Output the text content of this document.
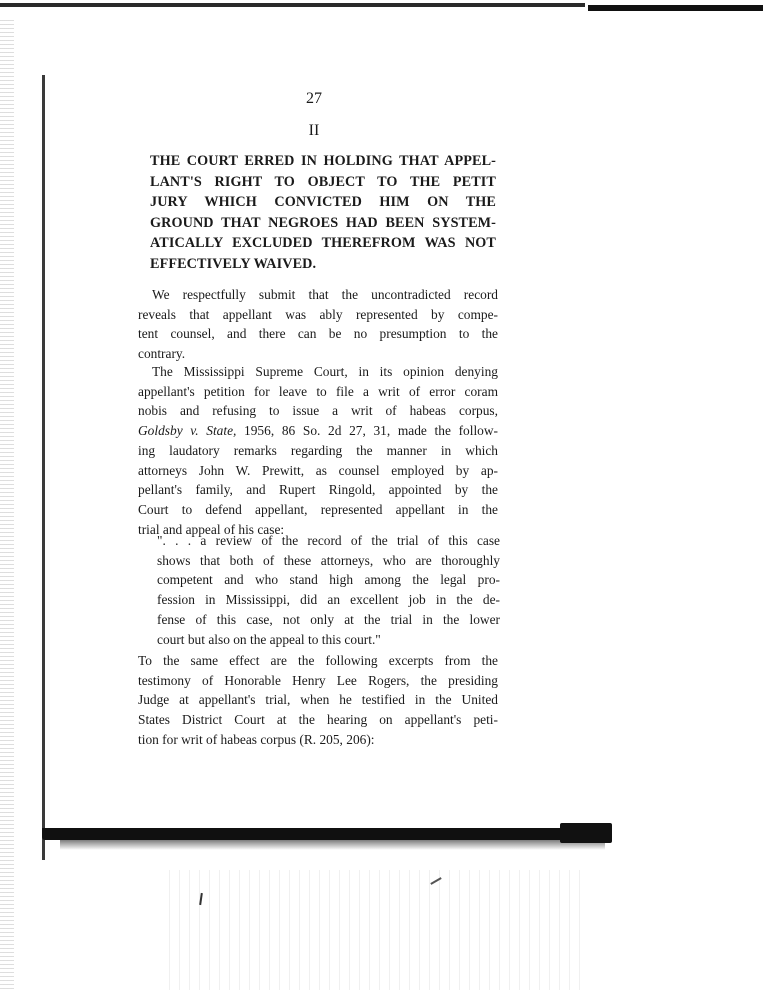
27
II
THE COURT ERRED IN HOLDING THAT APPEL-
LANT'S RIGHT TO OBJECT TO THE PETIT
JURY WHICH CONVICTED HIM ON THE
GROUND THAT NEGROES HAD BEEN SYSTEM-
ATICALLY EXCLUDED THEREFROM WAS NOT
EFFECTIVELY WAIVED.

We respectfully submit that the uncontradicted record
reveals that appellant was ably represented by compe-
tent counsel, and there can be no presumption to the
contrary.

The Mississippi Supreme Court, in its opinion denying
appellant's petition for leave to file a writ of error coram
nobis and refusing to issue a writ of habeas corpus,
Goldsby v. State, 1956, 86 So. 2d 27, 31, made the follow-
ing laudatory remarks regarding the manner in which
attorneys John W. Prewitt, as counsel employed by ap-
pellant's family, and Rupert Ringold, appointed by the
Court to defend appellant, represented appellant in the
trial and appeal of his case:

". . . a review of the record of the trial of this case
shows that both of these attorneys, who are thoroughly
competent and who stand high among the legal pro-
fession in Mississippi, did an excellent job in the de-
fense of this case, not only at the trial in the lower
court but also on the appeal to this court."

To the same effect are the following excerpts from the
testimony of Honorable Henry Lee Rogers, the presiding
Judge at appellant's trial, when he testified in the United
States District Court at the hearing on appellant's peti-
tion for writ of habeas corpus (R. 205, 206):
